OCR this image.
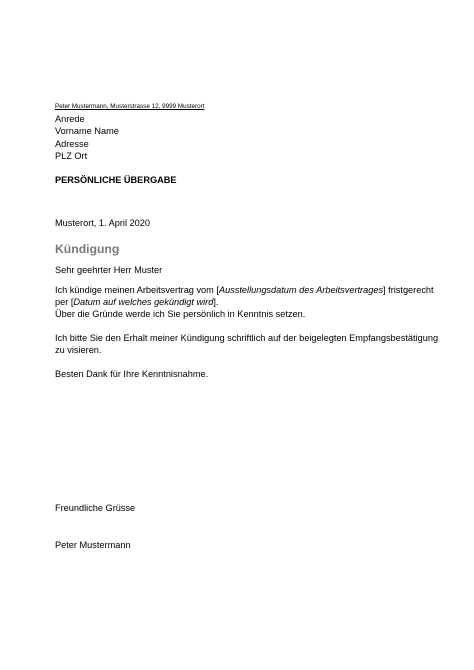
Peter Mustermann, Musterstrasse 12, 9999 Musterort
Anrede
Vorname Name
Adresse
PLZ Ort
PERSÖNLICHE ÜBERGABE
Musterort, 1. April 2020
Kündigung
Sehr geehrter Herr Muster
Ich kündige meinen Arbeitsvertrag vom [Ausstellungsdatum des Arbeitsvertrages] fristgerecht
per [Datum auf welches gekündigt wird].
Über die Gründe werde ich Sie persönlich in Kenntnis setzen.
Ich bitte Sie den Erhalt meiner Kündigung schriftlich auf der beigelegten Empfangsbestätigung
zu visieren.
Besten Dank für Ihre Kenntnisnahme.
Freundliche Grüsse
Peter Mustermann
